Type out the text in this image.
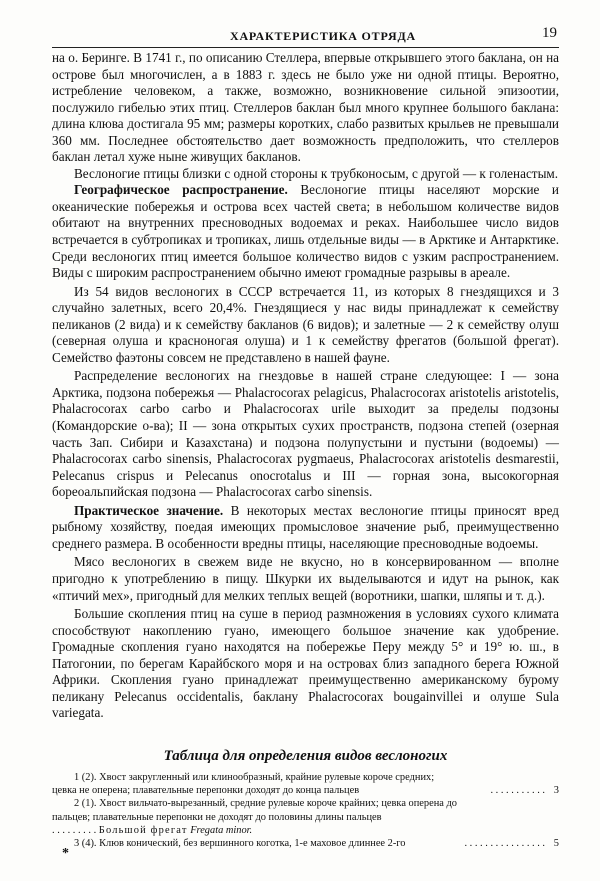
ХАРАКТЕРИСТИКА ОТРЯДА	19

на о. Беринге. В 1741 г., по описанию Стеллера, впервые открывшего этого баклана, он на острове был многочислен, а в 1883 г. здесь не было уже ни одной птицы. Вероятно, истребление человеком, а также, возможно, возникновение сильной эпизоотии, послужило гибелью этих птиц. Стеллеров баклан был много крупнее большого баклана: длина клюва достигала 95 мм; размеры коротких, слабо развитых крыльев не превышали 360 мм. Последнее обстоятельство дает возможность предположить, что стеллеров баклан летал хуже ныне живущих бакланов.

Веслоногие птицы близки с одной стороны к трубконосым, с другой — к голенастым.

Географическое распространение. Веслоногие птицы населяют морские и океанические побережья и острова всех частей света; в небольшом количестве видов обитают на внутренних пресноводных водоемах и реках. Наибольшее число видов встречается в субтропиках и тропиках, лишь отдельные виды — в Арктике и Антарктике. Среди веслоногих птиц имеется большое количество видов с узким распространением. Виды с широким распространением обычно имеют громадные разрывы в ареале.

Из 54 видов веслоногих в СССР встречается 11, из которых 8 гнездящихся и 3 случайно залетных, всего 20,4%. Гнездящиеся у нас виды принадлежат к семейству пеликанов (2 вида) и к семейству бакланов (6 видов); и залетные — 2 к семейству олуш (северная олуша и красноногая олуша) и 1 к семейству фрегатов (большой фрегат). Семейство фаэтоны совсем не представлено в нашей фауне.

Распределение веслоногих на гнездовье в нашей стране следующее: I — зона Арктика, подзона побережья — Phalacrocorax pelagicus, Phalacrocorax aristotelis aristotelis, Phalacrocorax carbo carbo и Phalacrocorax urile выходит за пределы подзоны (Командорские о-ва); II — зона открытых сухих пространств, подзона степей (озерная часть Зап. Сибири и Казахстана) и подзона полупустыни и пустыни (водоемы) — Phalacrocorax carbo sinensis, Phalacrocorax pygmaeus, Phalacrocorax aristotelis desmarestii, Pelecanus crispus и Pelecanus onocrotalus и III — горная зона, высокогорная бореоальпийская подзона — Phalacrocorax carbo sinensis.

Практическое значение. В некоторых местах веслоногие птицы приносят вред рыбному хозяйству, поедая имеющих промысловое значение рыб, преимущественно среднего размера. В особенности вредны птицы, населяющие пресноводные водоемы.

Мясо веслоногих в свежем виде не вкусно, но в консервированном — вполне пригодно к употреблению в пищу. Шкурки их выделываются и идут на рынок, как «птичий мех», пригодный для мелких теплых вещей (воротники, шапки, шляпы и т. д.).

Большие скопления птиц на суше в период размножения в условиях сухого климата способствуют накоплению гуано, имеющего большое значение как удобрение. Громадные скопления гуано находятся на побережье Перу между 5° и 19° ю. ш., в Патогонии, по берегам Карайбского моря и на островах близ западного берега Южной Африки. Скопления гуано принадлежат преимущественно американскому бурому пеликану Pelecanus occidentalis, баклану Phalacrocorax bougainvillei и олуше Sula variegata.

Таблица для определения видов веслоногих
1 (2). Хвост закругленный или клинообразный, крайние рулевые короче средних;
цевка не оперена; плавательные перепонки доходят до конца пальцев	. . . . . . . . . . . 3
2 (1). Хвост вильчато-вырезанный, средние рулевые короче крайних; цевка оперена до
пальцев; плавательные перепонки не доходят до половины длины пальцев
. . . . . . . . . Большой фрегат Fregata minor.
3 (4). Клюв конический, без вершинного коготка, 1-е маховое длиннее 2-го	. . . . . . . . . . . . . . . . 5
*
